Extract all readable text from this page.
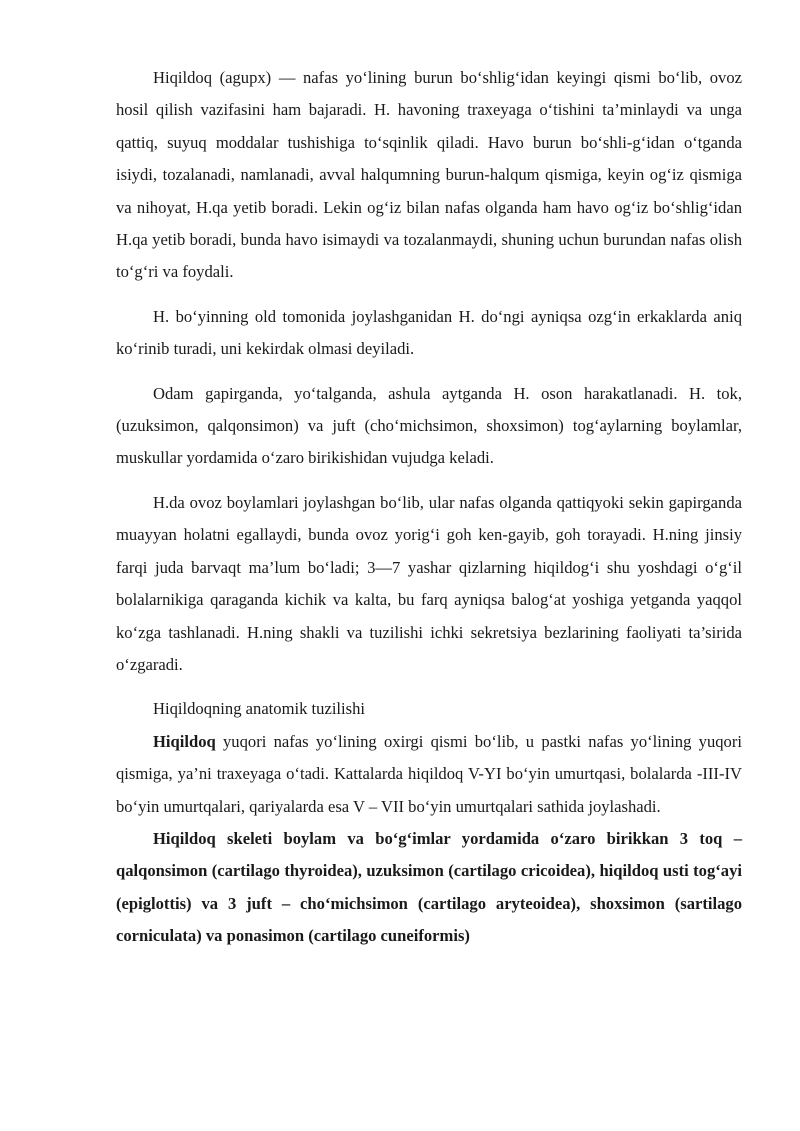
Hiqildoq (agupx) — nafas yo‘lining burun bo‘shlig‘idan keyingi qismi bo‘lib, ovoz hosil qilish vazifasini ham bajaradi. H. havoning traxeyaga o‘tishini ta’minlaydi va unga qattiq, suyuq moddalar tushishiga to‘sqinlik qiladi. Havo burun bo‘shli-g‘idan o‘tganda isiydi, tozalanadi, namlanadi, avval halqumning burun-halqum qismiga, keyin og‘iz qismiga va nihoyat, H.qa yetib boradi. Lekin og‘iz bilan nafas olganda ham havo og‘iz bo‘shlig‘idan H.qa yetib boradi, bunda havo isimaydi va tozalanmaydi, shuning uchun burundan nafas olish to‘g‘ri va foydali.

H. bo‘yinning old tomonida joylashganidan H. do‘ngi ayniqsa ozg‘in erkaklarda aniq ko‘rinib turadi, uni kekirdak olmasi deyiladi.

Odam gapirganda, yo‘talganda, ashula aytganda H. oson harakatlanadi. H. tok, (uzuksimon, qalqonsimon) va juft (cho‘michsimon, shoxsimon) tog‘aylarning boylamlar, muskullar yordamida o‘zaro birikishidan vujudga keladi.

H.da ovoz boylamlari joylashgan bo‘lib, ular nafas olganda qattiqyoki sekin gapirganda muayyan holatni egallaydi, bunda ovoz yorig‘i goh ken-gayib, goh torayadi. H.ning jinsiy farqi juda barvaqt ma’lum bo‘ladi; 3—7 yashar qizlarning hiqildog‘i shu yoshdagi o‘g‘il bolalarnikiga qaraganda kichik va kalta, bu farq ayniqsa balog‘at yoshiga yetganda yaqqol ko‘zga tashlanadi. H.ning shakli va tuzilishi ichki sekretsiya bezlarining faoliyati ta’sirida o‘zgaradi.

Hiqildoqning anatomik tuzilishi

Hiqildoq yuqori nafas yo‘lining oxirgi qismi bo‘lib, u pastki nafas yo‘lining yuqori qismiga, ya’ni traxeyaga o‘tadi. Kattalarda hiqildoq V-YI bo‘yin umurtqasi, bolalarda -III-IV bo‘yin umurtqalari, qariyalarda esa V – VII bo‘yin umurtqalari sathida joylashadi.

Hiqildoq skeleti boylam va bo‘g‘imlar yordamida o‘zaro birikkan 3 toq – qalqonsimon (cartilago thyroidea), uzuksimon (cartilago cricoidea), hiqildoq usti tog‘ayi (epiglottis) va 3 juft – cho‘michsimon (cartilago aryteoidea), shoxsimon (sartilago corniculata) va ponasimon (cartilago cuneiformis)
